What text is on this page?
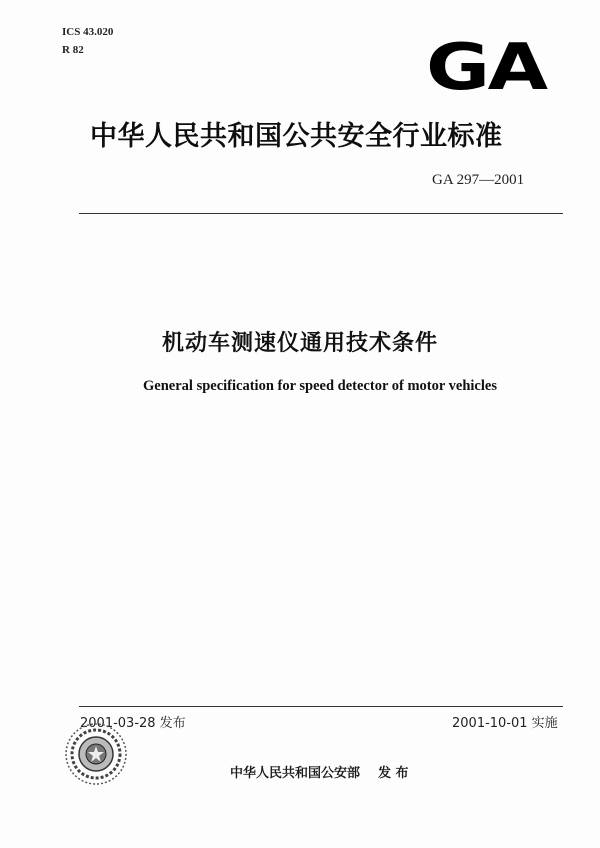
ICS 43.020
R 82	GA
中华人民共和国公共安全行业标准
GA 297—2001
机动车测速仪通用技术条件
General specification for speed detector of motor vehicles
2001-03-28 发布	2001-10-01 实施
中华人民共和国公安部 发 布
